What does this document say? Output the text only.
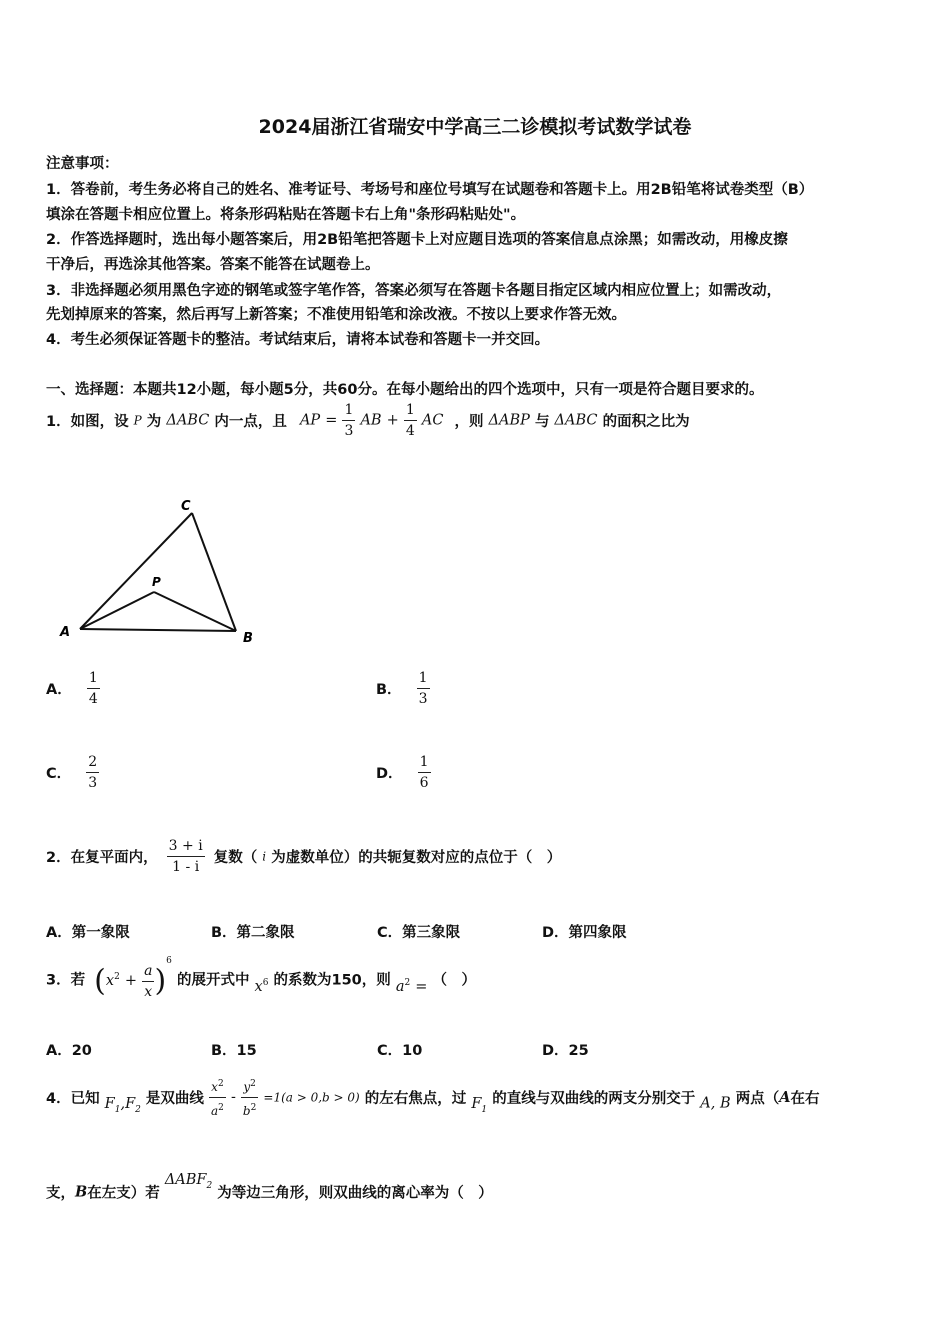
2024届浙江省瑞安中学高三二诊模拟考试数学试卷
注意事项：
1．答卷前，考生务必将自己的姓名、准考证号、考场号和座位号填写在试题卷和答题卡上。用2B铅笔将试卷类型（B）
填涂在答题卡相应位置上。将条形码粘贴在答题卡右上角"条形码粘贴处"。
2．作答选择题时，选出每小题答案后，用2B铅笔把答题卡上对应题目选项的答案信息点涂黑；如需改动，用橡皮擦
干净后，再选涂其他答案。答案不能答在试题卷上。
3．非选择题必须用黑色字迹的钢笔或签字笔作答，答案必须写在答题卡各题目指定区域内相应位置上；如需改动，
先划掉原来的答案，然后再写上新答案；不准使用铅笔和涂改液。不按以上要求作答无效。
4．考生必须保证答题卡的整洁。考试结束后，请将本试卷和答题卡一并交回。
一、选择题：本题共12小题，每小题5分，共60分。在每小题给出的四个选项中，只有一项是符合题目要求的。
1．如图，设 P 为 ΔABC 内一点，且 AP = $\frac{1}{3}$ AB + $\frac{1}{4}$ AC ，则 ΔABP 与 ΔABC 的面积之比为
C
P
A	B
A． $\frac{1}{4}$	B． $\frac{1}{3}$
C． $\frac{2}{3}$	D． $\frac{1}{6}$
2．在复平面内， $\frac{3 + i}{1 - i}$ 复数（ i 为虚数单位）的共轭复数对应的点位于（　）
A．第一象限	B．第二象限	C．第三象限	D．第四象限
3．若 $(x^2 + \frac{a}{x} )^6$ 的展开式中 $x^6$ 的系数为150，则 $a^2$ = （　）
A．20	B．15	C．10	D．25
4．已知 $F_1,F_2$ 是双曲线 $\frac{x^2}{a^2} - \frac{y^2}{b^2} =1(a > 0,b > 0)$ 的左右焦点，过 $F_1$ 的直线与双曲线的两支分别交于 A, B 两点（A在右
支，B在左支）若 $\Delta ABF_2$ 为等边三角形，则双曲线的离心率为（　）
